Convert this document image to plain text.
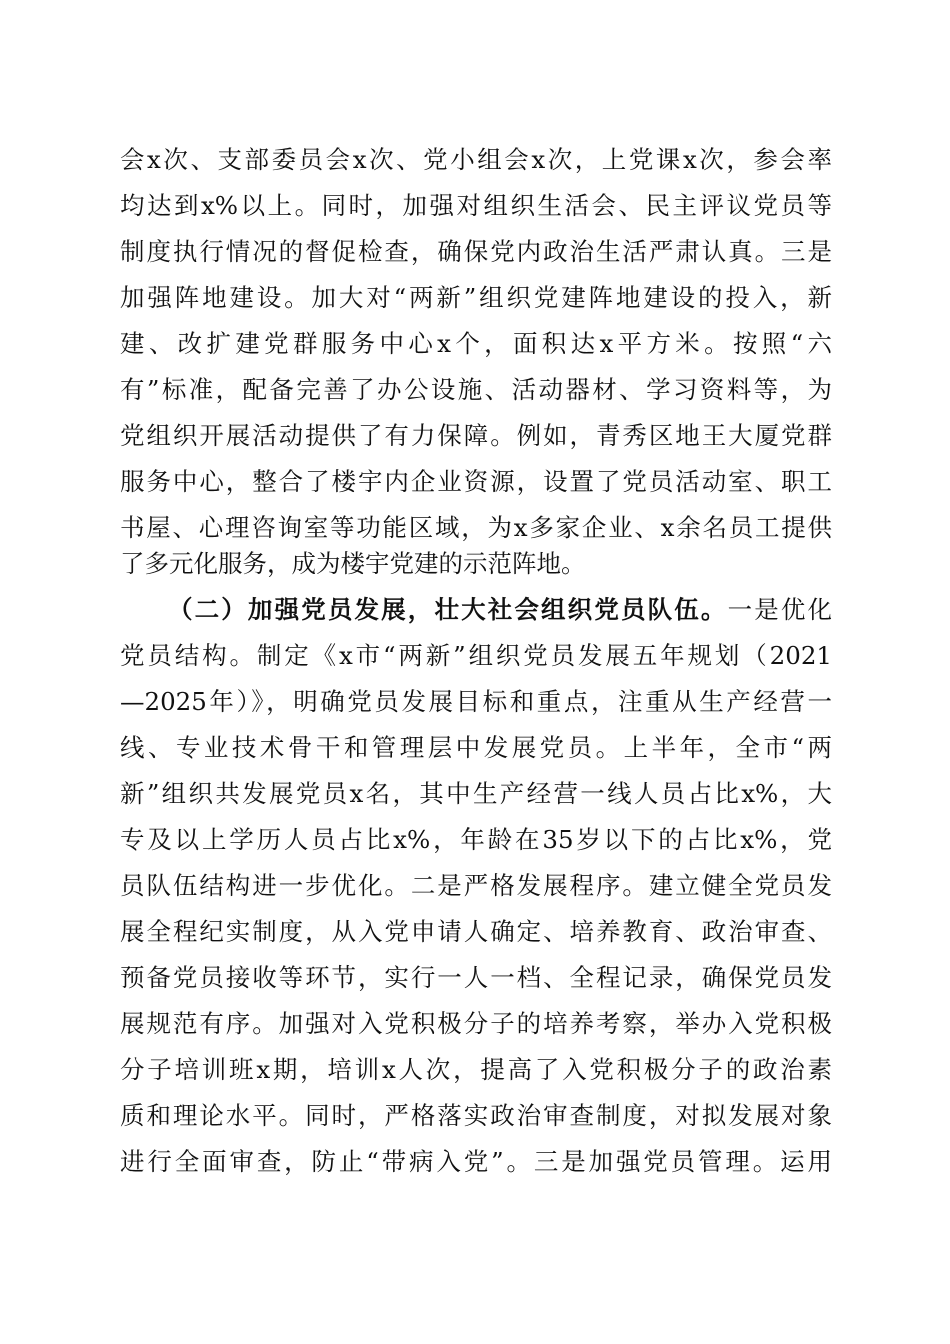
会x次、支部委员会x次、党小组会x次，上党课x次，参会率
均达到x%以上。同时，加强对组织生活会、民主评议党员等
制度执行情况的督促检查，确保党内政治生活严肃认真。三是
加强阵地建设。加大对“两新”组织党建阵地建设的投入，新
建、改扩建党群服务中心x个，面积达x平方米。按照“六
有”标准，配备完善了办公设施、活动器材、学习资料等，为
党组织开展活动提供了有力保障。例如，青秀区地王大厦党群
服务中心，整合了楼宇内企业资源，设置了党员活动室、职工
书屋、心理咨询室等功能区域，为x多家企业、x余名员工提供
了多元化服务，成为楼宇党建的示范阵地。
（二）加强党员发展，壮大社会组织党员队伍。一是优化
党员结构。制定《x市“两新”组织党员发展五年规划（2021
—2025年）》，明确党员发展目标和重点，注重从生产经营一
线、专业技术骨干和管理层中发展党员。上半年，全市“两
新”组织共发展党员x名，其中生产经营一线人员占比x%，大
专及以上学历人员占比x%，年龄在35岁以下的占比x%，党
员队伍结构进一步优化。二是严格发展程序。建立健全党员发
展全程纪实制度，从入党申请人确定、培养教育、政治审查、
预备党员接收等环节，实行一人一档、全程记录，确保党员发
展规范有序。加强对入党积极分子的培养考察，举办入党积极
分子培训班x期，培训x人次，提高了入党积极分子的政治素
质和理论水平。同时，严格落实政治审查制度，对拟发展对象
进行全面审查，防止“带病入党”。三是加强党员管理。运用
